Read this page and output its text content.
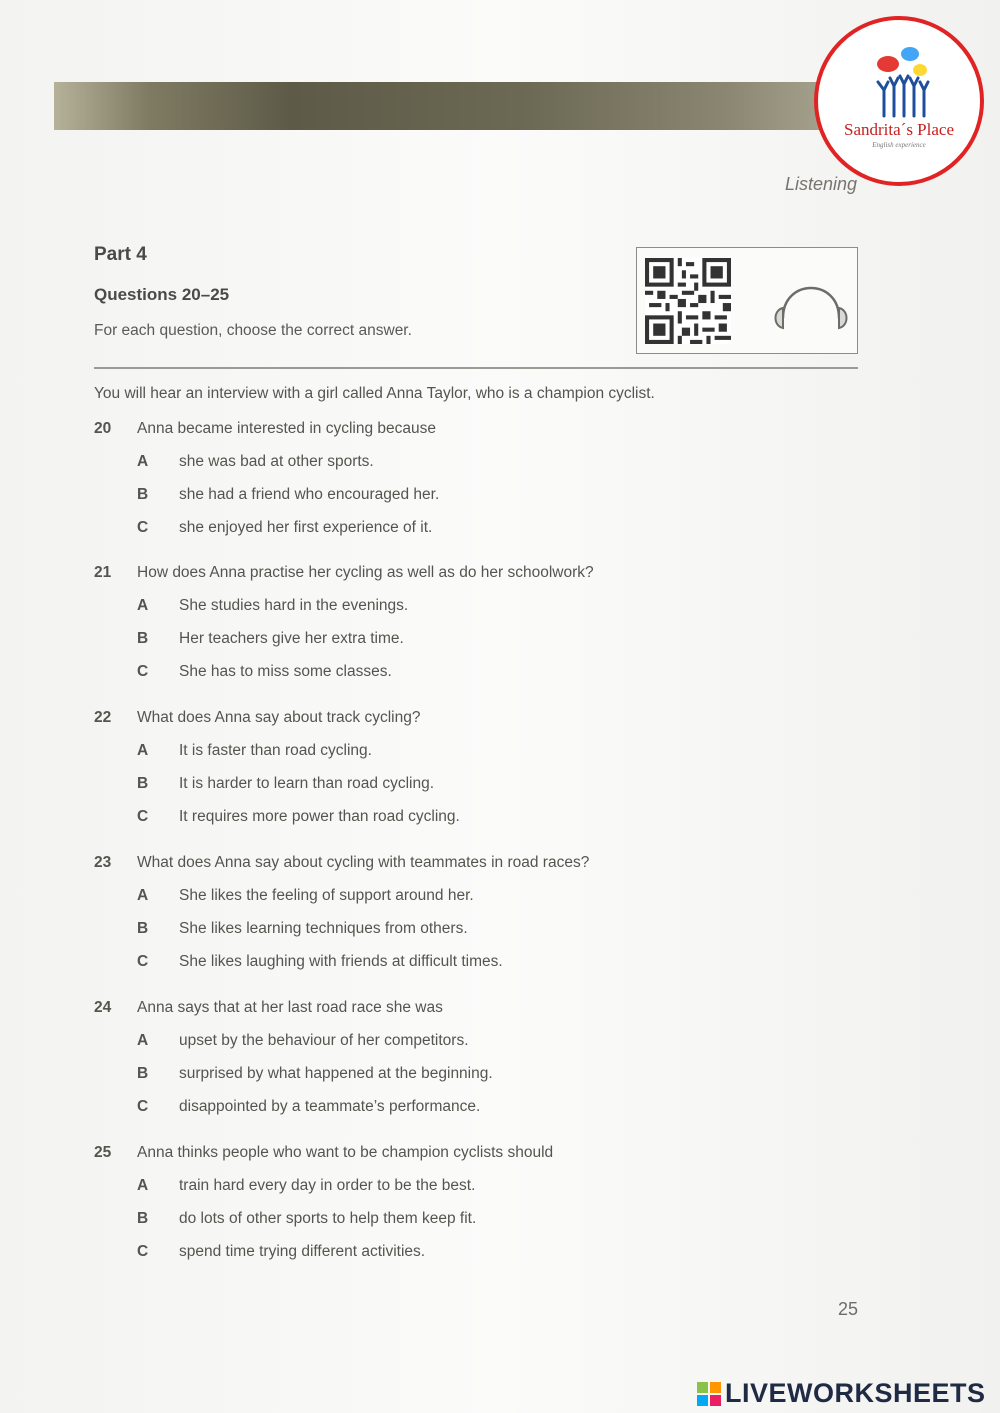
Listening
Sandrita´s Place
English experience
Part 4
Questions 20–25
For each question, choose the correct answer.
You will hear an interview with a girl called Anna Taylor, who is a champion cyclist.
20 Anna became interested in cycling because
A she was bad at other sports.
B she had a friend who encouraged her.
C she enjoyed her first experience of it.
21 How does Anna practise her cycling as well as do her schoolwork?
A She studies hard in the evenings.
B Her teachers give her extra time.
C She has to miss some classes.
22 What does Anna say about track cycling?
A It is faster than road cycling.
B It is harder to learn than road cycling.
C It requires more power than road cycling.
23 What does Anna say about cycling with teammates in road races?
A She likes the feeling of support around her.
B She likes learning techniques from others.
C She likes laughing with friends at difficult times.
24 Anna says that at her last road race she was
A upset by the behaviour of her competitors.
B surprised by what happened at the beginning.
C disappointed by a teammate’s performance.
25 Anna thinks people who want to be champion cyclists should
A train hard every day in order to be the best.
B do lots of other sports to help them keep fit.
C spend time trying different activities.
25
LIVEWORKSHEETS
